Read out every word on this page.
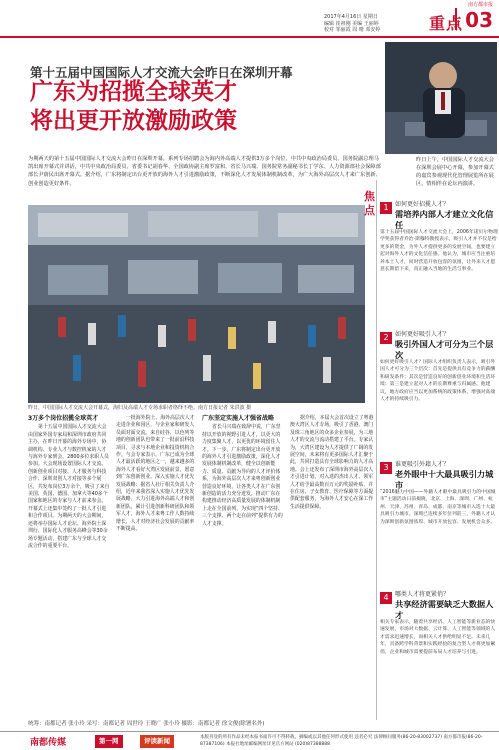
2017年4月16日 星期日
编辑 崔祖刚 美编 王丽婷
校对 邹丽霞 周 晴 邓安婷	重点
南方都市报
03
第十五届中国国际人才交流大会昨日在深圳开幕
广东为招揽全球英才
将出更开放激励政策
昨日上午，中国国际人才交流大会在深圳会展中心开幕，参加开幕式的嘉宾参观现代化管理展览所在展区，情相伴在论坛内演讲。
为期两天的第十五届中国国际人才交流大会昨日在深圳开幕。系列专场招聘会为海内外高端人才提供3万多个岗位，中共中央政治局委员、国务院副总理马凯出席开幕式并讲话，中共中央政治局委员、省委书记胡春华、全国政协副主席罗富和、省长马兴瑞、国务院常务副秘书长丁学东、人力资源部社会保障部部长尹蔚民出席开幕式。据介绍，广东将制定出台更开放的海外人才引进激励政策，不断深化人才发展体制机制改革，为广大海外高层次人才来广东创新、创业创造更好条件。
昨日，中国国际人才交流大会开幕式，海归及高端人才专场求职者络绎不绝。南方日报记者 朱洪波 摄
焦点	1	如何更好招揽人才？
需培养内部人才建立文化信任
第十五届中国国际人才交流大会上，2006年诺贝尔物理学奖获得者乔治·斯穆特教授表示，吸引人才并不仅是给更多的资金，为外人才提供更多的发展空间，也要建立起对海外人才的文化信任感。他认为，城市应当注重培养本土人才，同时营造开放包容的氛围，让外来人才愿意长期留下来，真正融入当地的生活与事业。
2	如何更好吸引人才？
吸引外国人才可分为三个层次
如何更好吸引人才？国际人才组织负责人表示，吸引外国人才可分为三个层次：首先是提供具有竞争力的薪酬和研发条件；其次是营造良好的创新创业环境和生活环境；第三是建立起对人才的长期尊重与归属感。他建议，地方政府应当以更加系统的政策体系，增强对高端人才的持续吸引力。
3	谁更吸引外籍人才？
老外眼中十大最具吸引力城市
“2016魅力中国——外籍人才眼中最具吸引力的中国城市”主题活动日前揭晓，北京、上海、深圳、广州、杭州、天津、苏州、青岛、成都、南京等城市入选十大最具吸引力城市。深圳已连续多年位列前三，外籍人才认为深圳创新氛围浓厚、城市开放包容、发展机会众多。
4	哪类人才将更紧俏？
共享经济需要缺乏大数据人才
相关专家表示，随着共享经济、人工智能等新业态的快速发展，市场对大数据、云计算、人工智能等领域的人才需求迅速增长，而相关人才供给明显不足。未来几年，具备跨学科背景和实践经验的复合型人才将更加紧俏，企业和城市需要提前布局人才培养与引进。
3万多个岗位招揽全球英才

第十五届中国国际人才交流大会由国家外国专家局和深圳市政府共同主办，在昨日开幕的海外专场中，协调机构、专业人才与数控机家的人才与海外专家到会，2800多位求职人员参加。大会现场设置国际人才交流、创新创业项目对接、人才服务与科技合作、深圳双创人才对接等多个展区，共发布岗位3万余个，吸引了来自美国、英国、德国、加拿大等40多个国家和地区的专家与人才前来参会。开幕式上还集中签约了一批人才引进和合作项目。为期两天的大会期间，还将举办国际人才论坛、海外院士深圳行、国际化人才服务高峰会等30余场专题活动，搭建广东与全球人才交流合作的重要平台。

一批海外院士、海外高层次人才走进企业和园区，与企业家和研发人员面对面交流。来自硅谷、以色列等地的创新团队也带来了一批前沿科技项目，寻求与本地企业和投资机构合作。与会专家表示，广东已成为全球人才最活跃的地区之一，越来越多的海外人才看好大湾区发展前景，愿意到广东创新创业。深入实施人才优先发展战略：据省人社厅相关负责人介绍，近年来我省深入实施人才优先发展战略，大力引进海外高端人才和创新团队，累计引进创新科研团队和领军人才，海外人才来粤工作人数持续增长，人才对经济社会发展的贡献率不断提高。

广东坚定实施人才强省战略

省长马兴瑞在致辞中说，广东坚持以开放的视野引进人才，以更大的力度集聚人才，以更优的环境留住人才。下一步，广东将制定出台更开放的海外人才引进激励政策，深化人才发展体制机制改革，健全以创新能力、质量、贡献为导向的人才评价体系，为海外高层次人才来粤创新创业营造良好环境，让各类人才在广东创新创造的活力充分迸发，推动广东在构建推动经济高质量发展的体制机制上走在全国前列，为实现“四个坚持、三个支撑、两个走在前列”提供有力的人才支撑。

据介绍，本届大会首次设立了粤港澳大湾区人才专场，吸引了香港、澳门及珠三角地区的众多企业参展，为三地人才的交流与流动搭建了平台。专家认为，大湾区建设为人才提供了广阔的发展空间，未来将有更多国际人才汇聚于此，共同打造具有全球影响力的人才高地。会上还发布了深圳市海外高层次人才引进计划，对入选的杰出人才、领军人才给予最高数百万元的奖励补贴，并在住房、子女教育、医疗保障等方面提供配套服务，为海外人才安心在深工作生活提供保障。

统筹：南都记者 张小玲 采写：南都记者 周世玲 王晓广 张小玲 摄影：南都记者 徐文俊(除署名外)
南都传媒	第一网	评读新闻	本版刊登的所有作品未经本报书面许可不得转载、摘编或以其他任何形式使用 违者必究 法律顾问服务(86-20-83002737) 南方都市报(86-20-87387106) 本报社地址邮编网址详见官方网站 (020)87388888
